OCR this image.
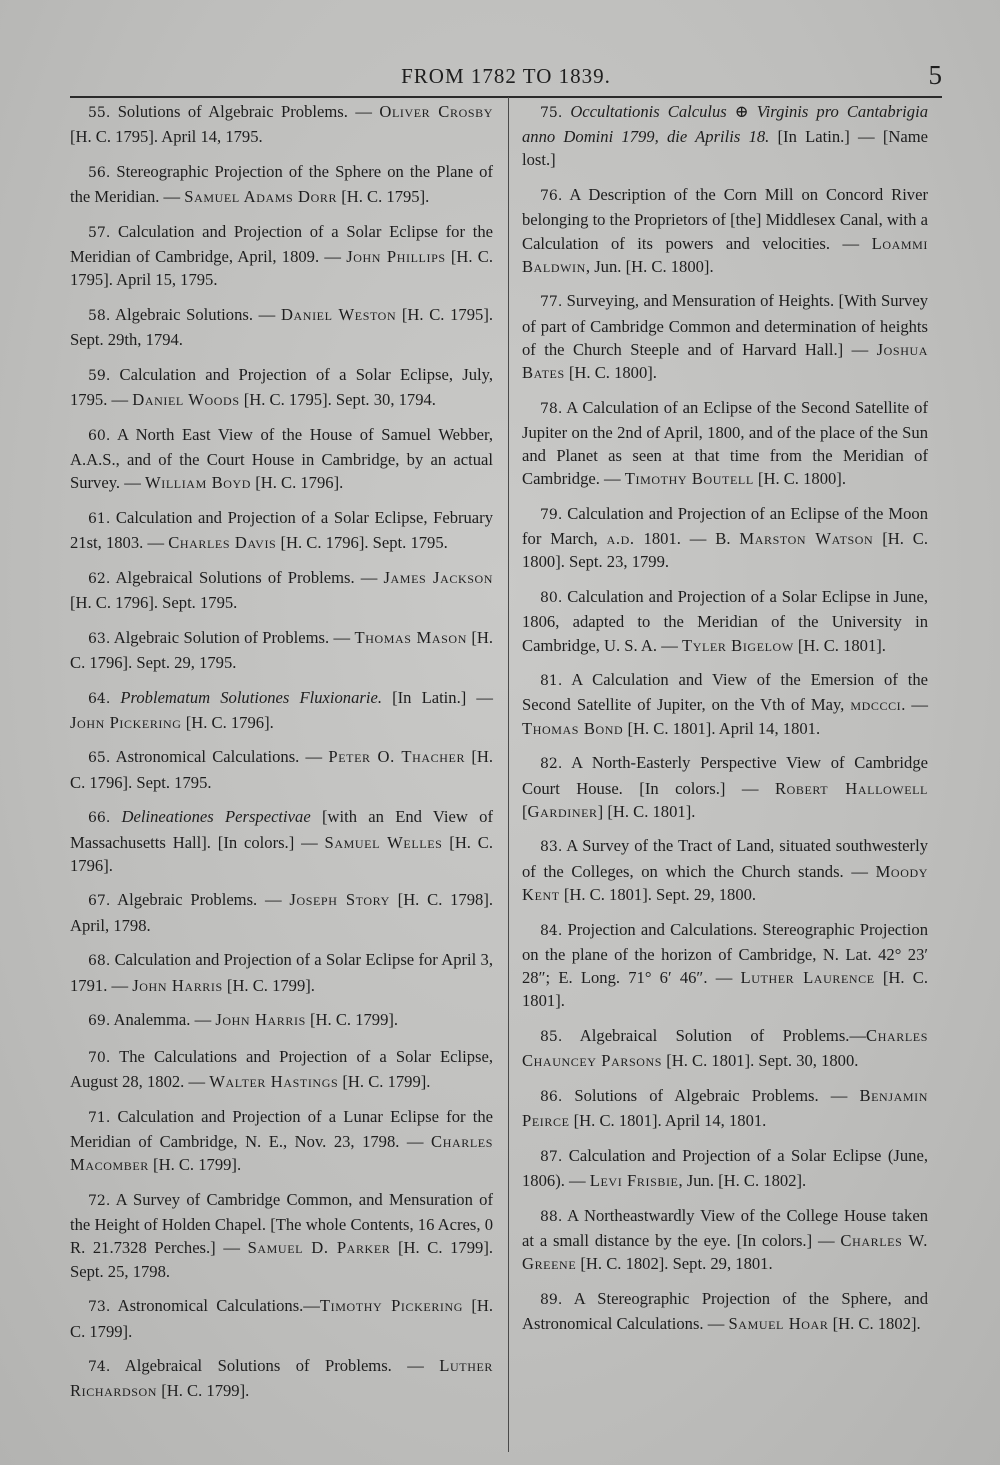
FROM 1782 TO 1839.	5

55. Solutions of Algebraic Problems. — Oliver Crosby [H. C. 1795]. April 14, 1795.

56. Stereographic Projection of the Sphere on the Plane of the Meridian. — Samuel Adams Dorr [H. C. 1795].

57. Calculation and Projection of a Solar Eclipse for the Meridian of Cambridge, April, 1809. — John Phillips [H. C. 1795]. April 15, 1795.

58. Algebraic Solutions. — Daniel Weston [H. C. 1795]. Sept. 29th, 1794.

59. Calculation and Projection of a Solar Eclipse, July, 1795. — Daniel Woods [H. C. 1795]. Sept. 30, 1794.

60. A North East View of the House of Samuel Webber, A.A.S., and of the Court House in Cambridge, by an actual Survey. — William Boyd [H. C. 1796].

61. Calculation and Projection of a Solar Eclipse, February 21st, 1803. — Charles Davis [H. C. 1796]. Sept. 1795.

62. Algebraical Solutions of Problems. — James Jackson [H. C. 1796]. Sept. 1795.

63. Algebraic Solution of Problems. — Thomas Mason [H. C. 1796]. Sept. 29, 1795.

64. Problematum Solutiones Fluxionarie. [In Latin.] — John Pickering [H. C. 1796].

65. Astronomical Calculations. — Peter O. Thacher [H. C. 1796]. Sept. 1795.

66. Delineationes Perspectivae [with an End View of Massachusetts Hall]. [In colors.] — Samuel Welles [H. C. 1796].

67. Algebraic Problems. — Joseph Story [H. C. 1798]. April, 1798.

68. Calculation and Projection of a Solar Eclipse for April 3, 1791. — John Harris [H. C. 1799].

69. Analemma. — John Harris [H. C. 1799].

70. The Calculations and Projection of a Solar Eclipse, August 28, 1802. — Walter Hastings [H. C. 1799].

71. Calculation and Projection of a Lunar Eclipse for the Meridian of Cambridge, N. E., Nov. 23, 1798. — Charles Macomber [H. C. 1799].

72. A Survey of Cambridge Common, and Mensuration of the Height of Holden Chapel. [The whole Contents, 16 Acres, 0 R. 21.7328 Perches.] — Samuel D. Parker [H. C. 1799]. Sept. 25, 1798.

73. Astronomical Calculations.—Timothy Pickering [H. C. 1799].

74. Algebraical Solutions of Problems. — Luther Richardson [H. C. 1799].

75. Occultationis Calculus ⊕ Virginis pro Cantabrigia anno Domini 1799, die Aprilis 18. [In Latin.] — [Name lost.]

76. A Description of the Corn Mill on Concord River belonging to the Proprietors of [the] Middlesex Canal, with a Calculation of its powers and velocities. — Loammi Baldwin, Jun. [H. C. 1800].

77. Surveying, and Mensuration of Heights. [With Survey of part of Cambridge Common and determination of heights of the Church Steeple and of Harvard Hall.] — Joshua Bates [H. C. 1800].

78. A Calculation of an Eclipse of the Second Satellite of Jupiter on the 2nd of April, 1800, and of the place of the Sun and Planet as seen at that time from the Meridian of Cambridge. — Timothy Boutell [H. C. 1800].

79. Calculation and Projection of an Eclipse of the Moon for March, a.d. 1801. — B. Marston Watson [H. C. 1800]. Sept. 23, 1799.

80. Calculation and Projection of a Solar Eclipse in June, 1806, adapted to the Meridian of the University in Cambridge, U. S. A. — Tyler Bigelow [H. C. 1801].

81. A Calculation and View of the Emersion of the Second Satellite of Jupiter, on the Vth of May, mdccci. — Thomas Bond [H. C. 1801]. April 14, 1801.

82. A North-Easterly Perspective View of Cambridge Court House. [In colors.] — Robert Hallowell [Gardiner] [H. C. 1801].

83. A Survey of the Tract of Land, situated southwesterly of the Colleges, on which the Church stands. — Moody Kent [H. C. 1801]. Sept. 29, 1800.

84. Projection and Calculations. Stereographic Projection on the plane of the horizon of Cambridge, N. Lat. 42° 23′ 28″; E. Long. 71° 6′ 46″. — Luther Laurence [H. C. 1801].

85. Algebraical Solution of Problems.—Charles Chauncey Parsons [H. C. 1801]. Sept. 30, 1800.

86. Solutions of Algebraic Problems. — Benjamin Peirce [H. C. 1801]. April 14, 1801.

87. Calculation and Projection of a Solar Eclipse (June, 1806). — Levi Frisbie, Jun. [H. C. 1802].

88. A Northeastwardly View of the College House taken at a small distance by the eye. [In colors.] — Charles W. Greene [H. C. 1802]. Sept. 29, 1801.

89. A Stereographic Projection of the Sphere, and Astronomical Calculations. — Samuel Hoar [H. C. 1802].
